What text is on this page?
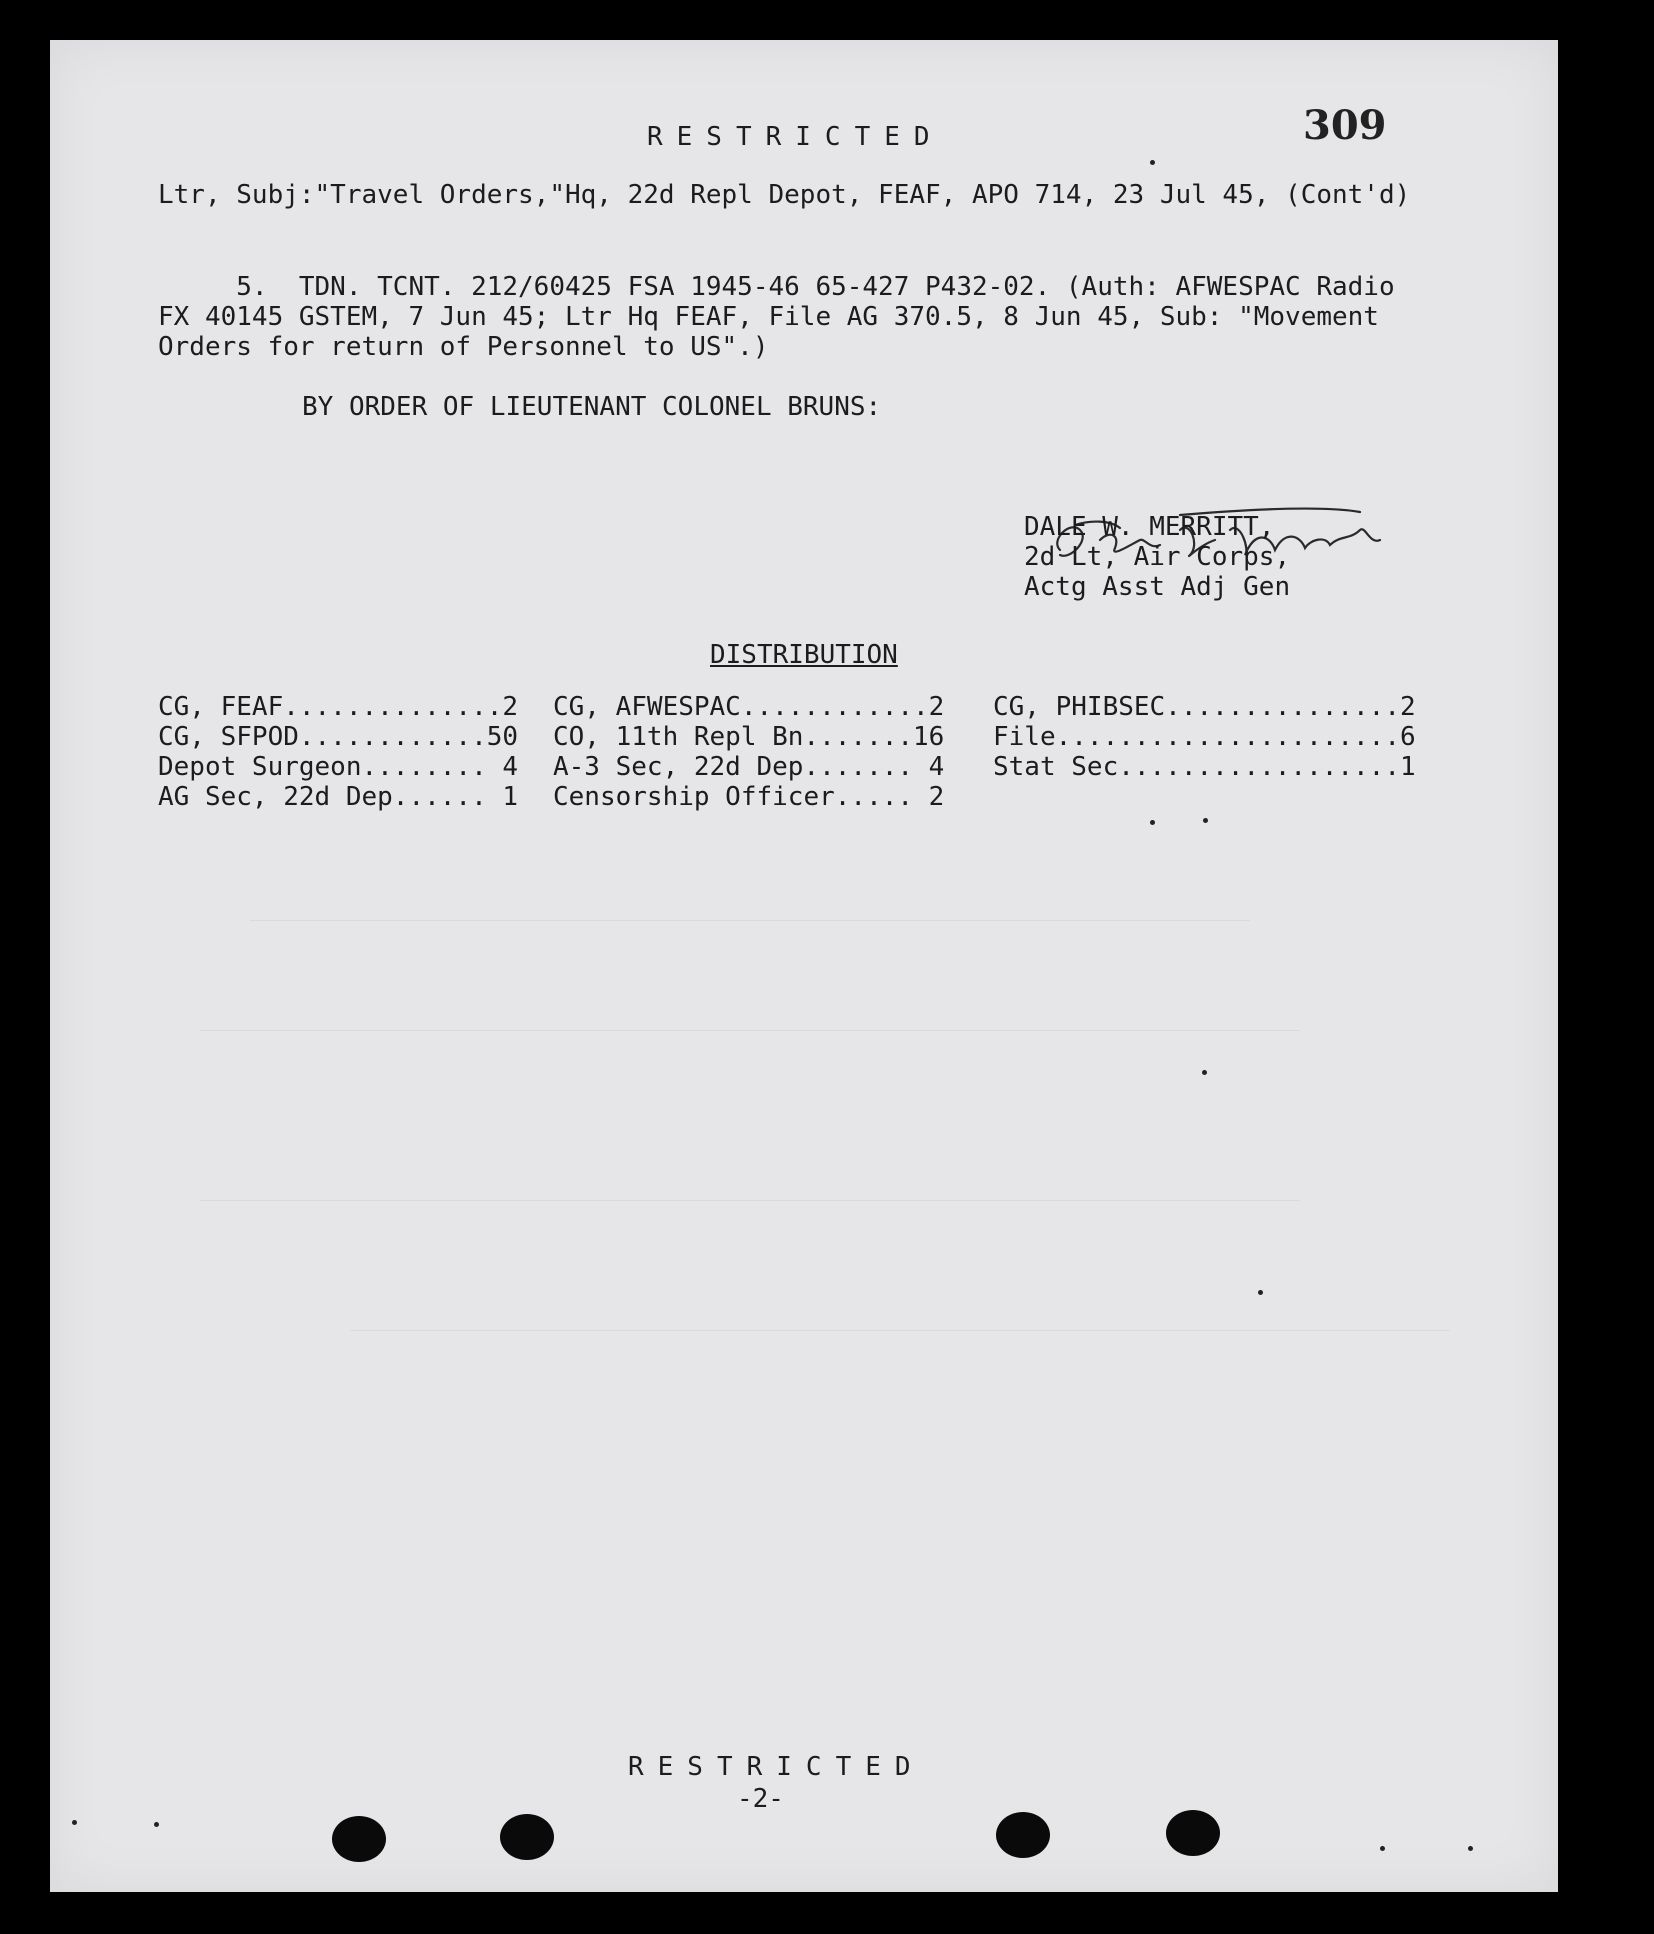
RESTRICTED	309

Ltr, Subj:"Travel Orders,"Hq, 22d Repl Depot, FEAF, APO 714, 23 Jul 45, (Cont'd)

5.  TDN. TCNT. 212/60425 FSA 1945-46 65-427 P432-02. (Auth: AFWESPAC Radio

FX 40145 GSTEM, 7 Jun 45; Ltr Hq FEAF, File AG 370.5, 8 Jun 45, Sub: "Movement

Orders for return of Personnel to US".)

BY ORDER OF LIEUTENANT COLONEL BRUNS:

DALE W. MERRITT,

2d Lt, Air Corps,

Actg Asst Adj Gen

DISTRIBUTION

CG, FEAF..............2

CG, SFPOD............50

Depot Surgeon........ 4

AG Sec, 22d Dep...... 1

CG, AFWESPAC............2

CO, 11th Repl Bn.......16

A-3 Sec, 22d Dep....... 4

Censorship Officer..... 2

CG, PHIBSEC...............2

File......................6

Stat Sec..................1

RESTRICTED

-2-
